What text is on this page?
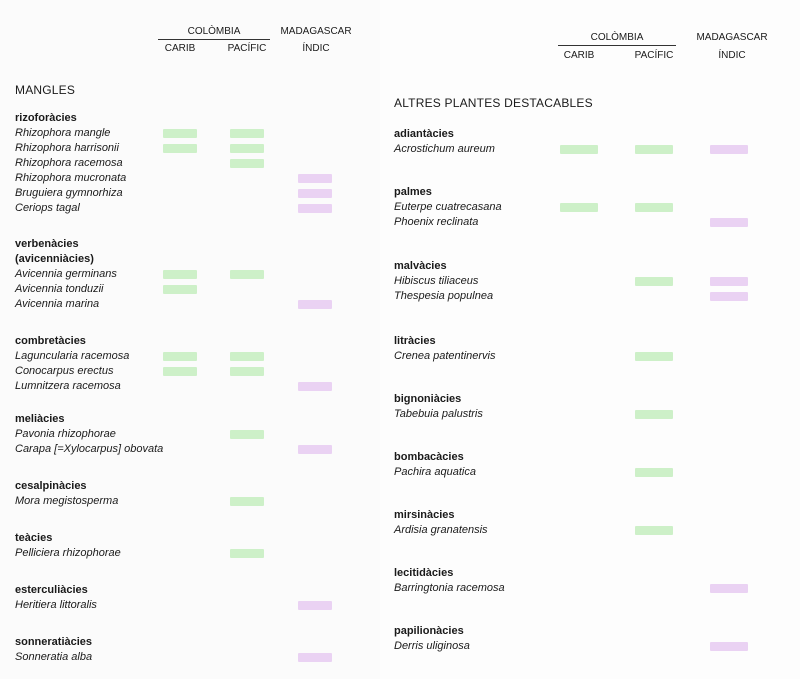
COLÒMBIA
CARIB	PACÍFIC
MADAGASCAR
ÍNDIC
MANGLES
rizoforàcies
Rhizophora mangle
Rhizophora harrisonii
Rhizophora racemosa
Rhizophora mucronata
Bruguiera gymnorhiza
Ceriops tagal
verbenàcies
(avicenniàcies)
Avicennia germinans
Avicennia tonduzii
Avicennia marina
combretàcies
Laguncularia racemosa
Conocarpus erectus
Lumnitzera racemosa
meliàcies
Pavonia rhizophorae
Carapa [=Xylocarpus] obovata
cesalpinàcies
Mora megistosperma
teàcies
Pelliciera rhizophorae
esterculiàcies
Heritiera littoralis
sonneratiàcies
Sonneratia alba
COLÒMBIA
CARIB	PACÍFIC
MADAGASCAR
ÍNDIC
ALTRES PLANTES DESTACABLES
adiantàcies
Acrostichum aureum
palmes
Euterpe cuatrecasana
Phoenix reclinata
malvàcies
Hibiscus tiliaceus
Thespesia populnea
litràcies
Crenea patentinervis
bignoniàcies
Tabebuia palustris
bombacàcies
Pachira aquatica
mirsinàcies
Ardisia granatensis
lecitidàcies
Barringtonia racemosa
papilionàcies
Derris uliginosa
